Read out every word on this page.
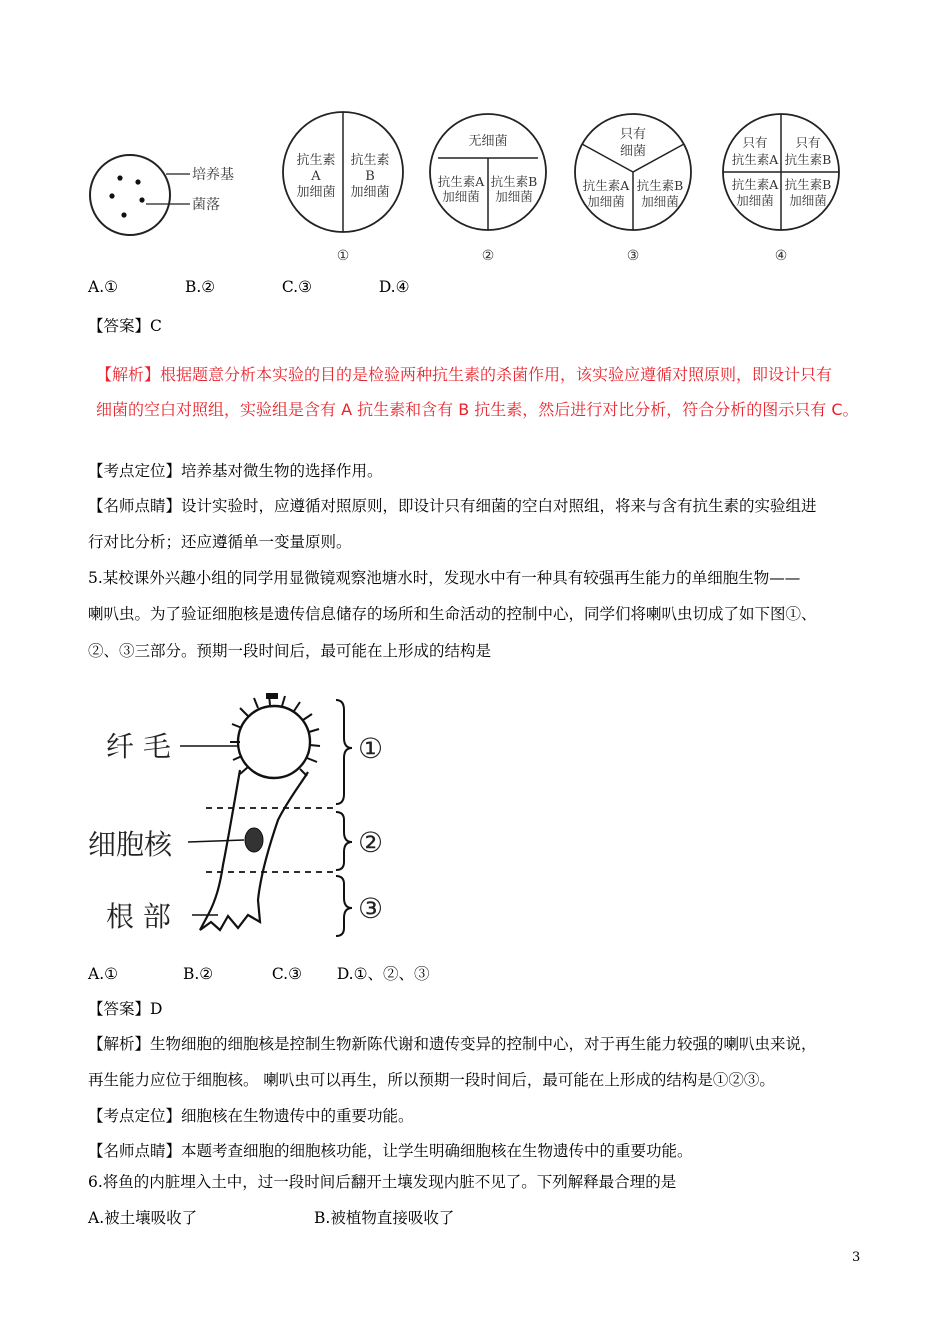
培养基
菌落
抗生素
A
加细菌
抗生素
B
加细菌
①
无细菌
抗生素A
加细菌
抗生素B
加细菌
②
只有
细菌
抗生素A
加细菌
抗生素B
加细菌
③
只有
抗生素A
只有
抗生素B
抗生素A
加细菌
抗生素B
加细菌
④
A.①	B.②	C.③	D.④
【答案】C
【解析】根据题意分析本实验的目的是检验两种抗生素的杀菌作用，该实验应遵循对照原则，即设计只有
细菌的空白对照组，实验组是含有 A 抗生素和含有 B 抗生素，然后进行对比分析，符合分析的图示只有 C。
【考点定位】培养基对微生物的选择作用。
【名师点睛】设计实验时，应遵循对照原则，即设计只有细菌的空白对照组，将来与含有抗生素的实验组进
行对比分析；还应遵循单一变量原则。
5.某校课外兴趣小组的同学用显微镜观察池塘水时，发现水中有一种具有较强再生能力的单细胞生物——
喇叭虫。为了验证细胞核是遗传信息储存的场所和生命活动的控制中心，同学们将喇叭虫切成了如下图①、
②、③三部分。预期一段时间后，最可能在上形成的结构是
纤 毛
细胞核
根 部
①
②
③
A.①	B.②	C.③ D.①、②、③
【答案】D
【解析】生物细胞的细胞核是控制生物新陈代谢和遗传变异的控制中心，对于再生能力较强的喇叭虫来说，
再生能力应位于细胞核。 喇叭虫可以再生，所以预期一段时间后，最可能在上形成的结构是①②③。
【考点定位】细胞核在生物遗传中的重要功能。
【名师点睛】本题考查细胞的细胞核功能，让学生明确细胞核在生物遗传中的重要功能。
6.将鱼的内脏埋入土中，过一段时间后翻开土壤发现内脏不见了。下列解释最合理的是
A.被土壤吸收了	B.被植物直接吸收了
3
